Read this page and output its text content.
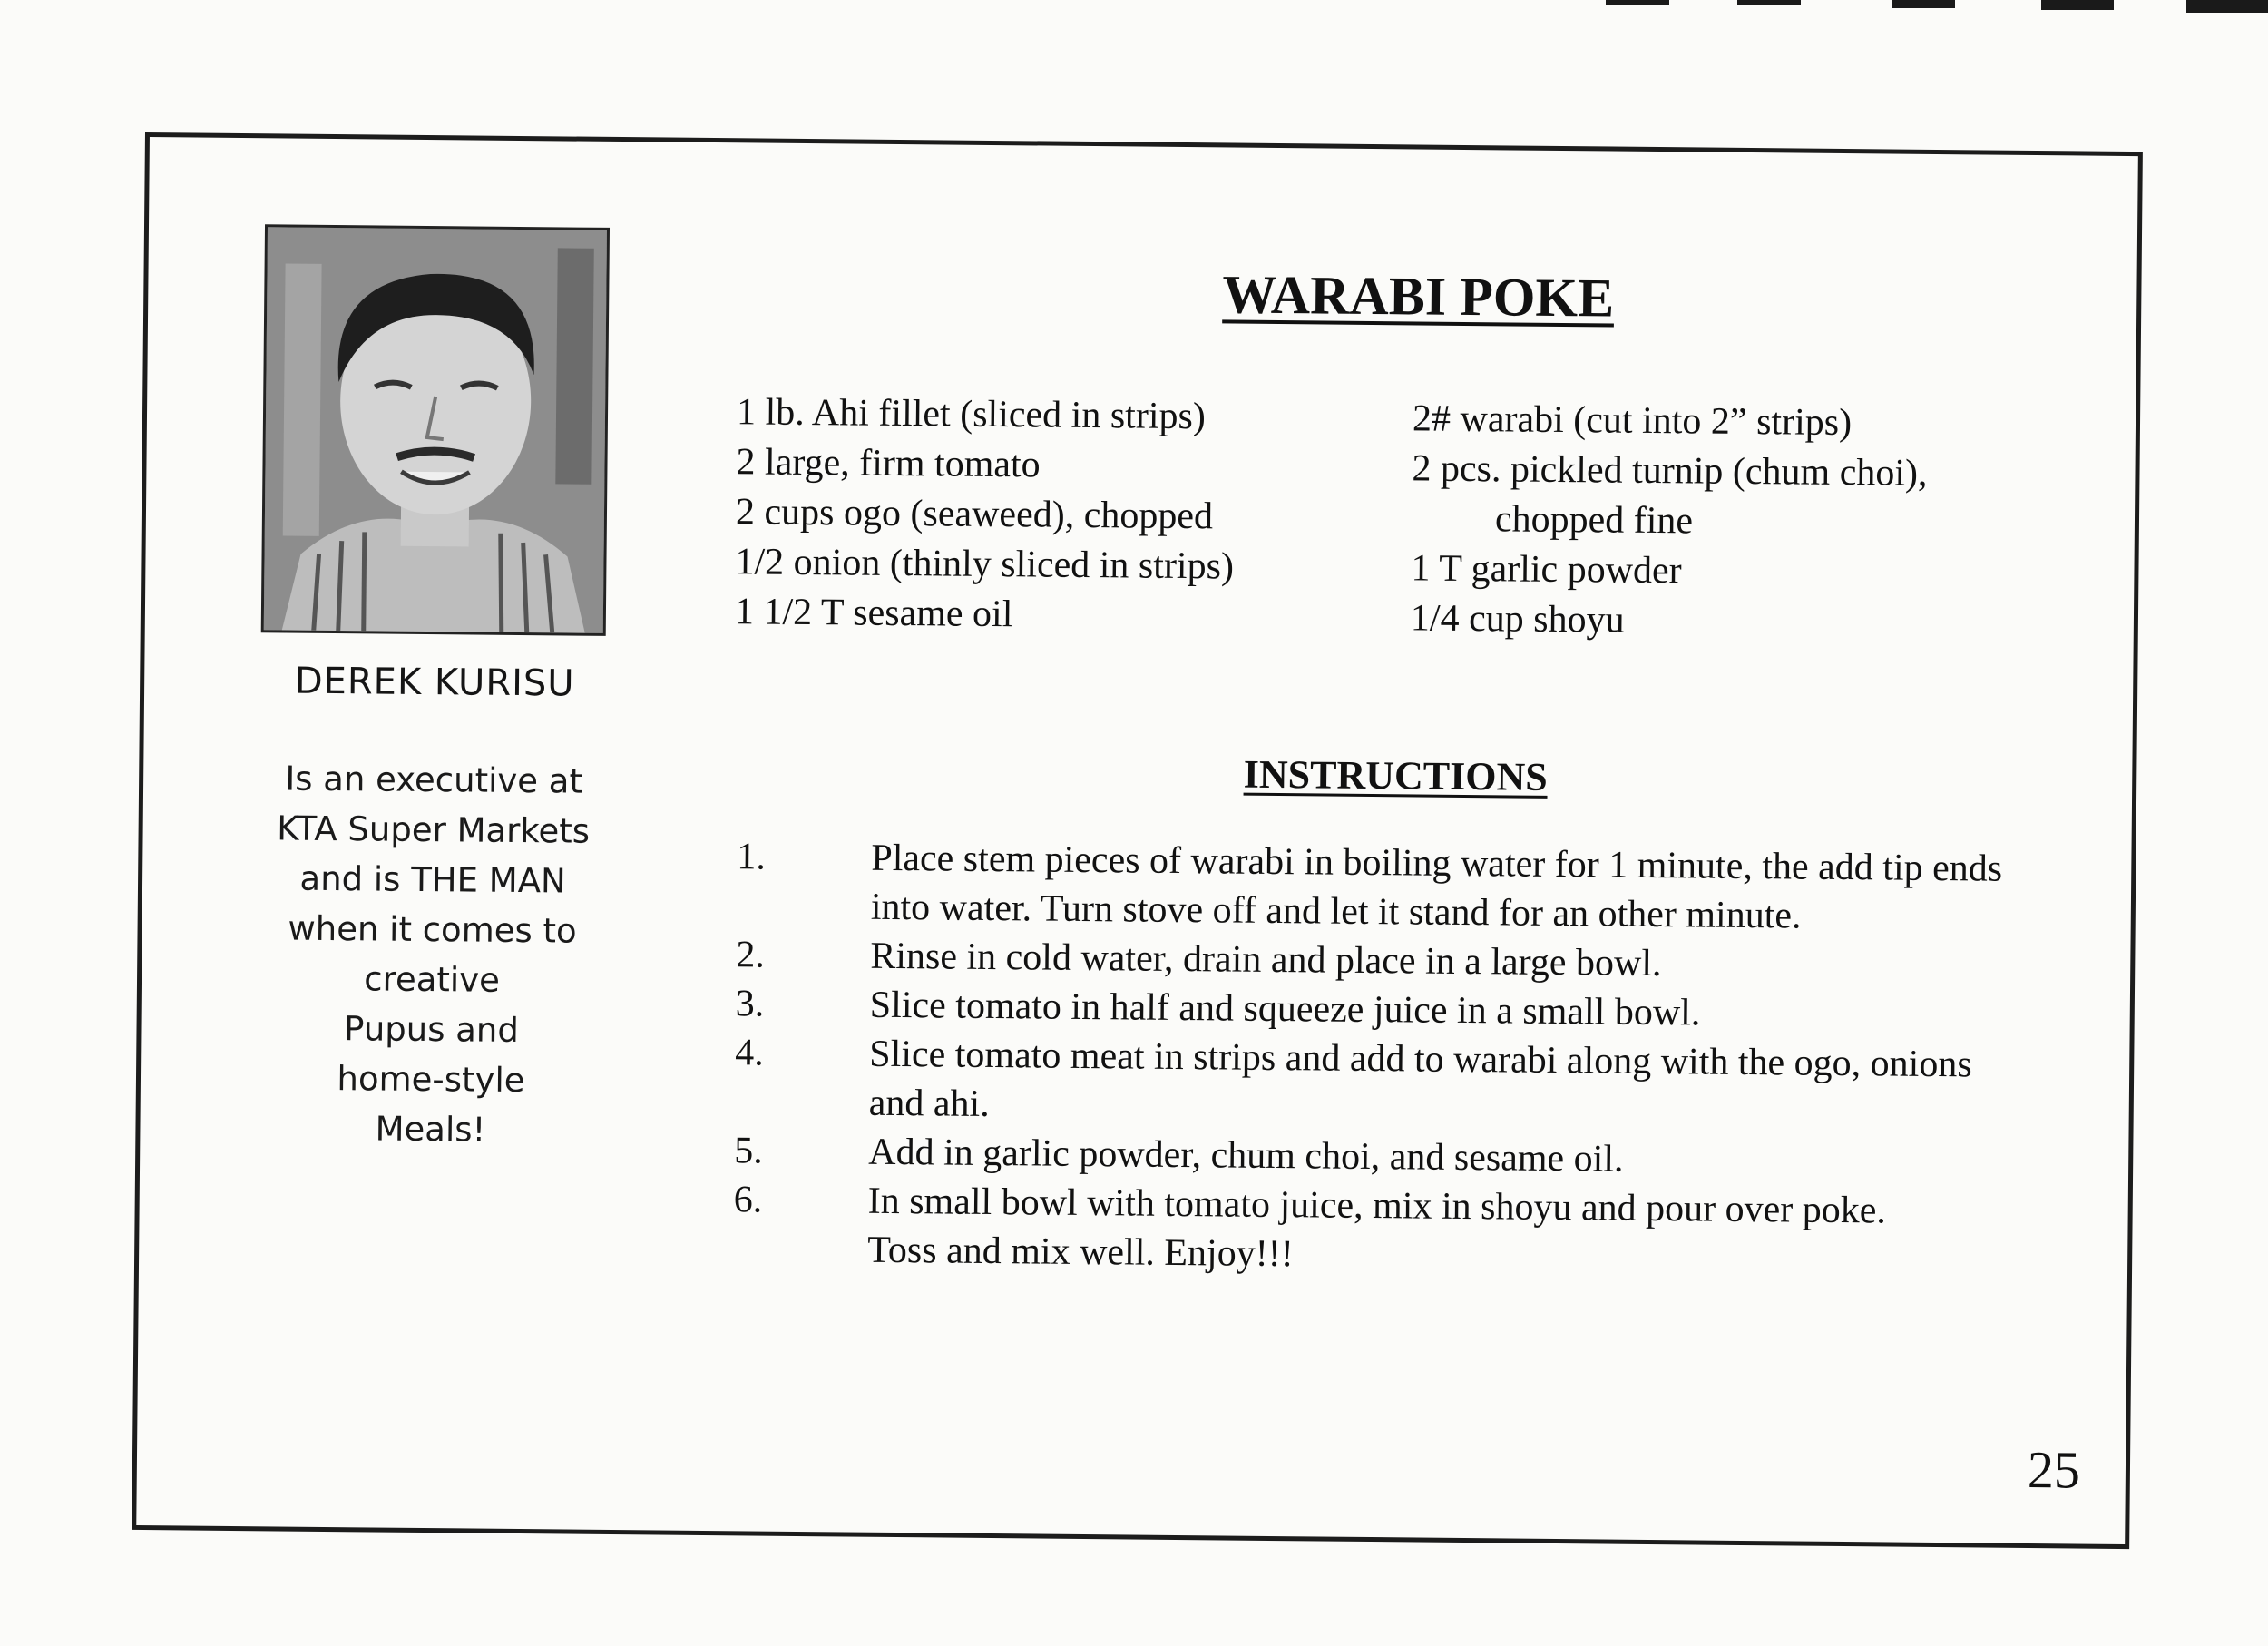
DEREK KURISU
Is an executive at
KTA Super Markets
and is THE MAN
when it comes to
creative
Pupus and
home-style
Meals!
WARABI POKE
1 lb. Ahi fillet (sliced in strips)
2 large, firm tomato
2 cups ogo (seaweed), chopped
1/2 onion (thinly sliced in strips)
1 1/2 T sesame oil
2# warabi (cut into 2” strips)
2 pcs. pickled turnip (chum choi),
chopped fine
1 T garlic powder
1/4 cup shoyu
INSTRUCTIONS
1.	Place stem pieces of warabi in boiling water for 1 minute, the add tip ends into water. Turn stove off and let it stand for an other minute.
2.	Rinse in cold water, drain and place in a large bowl.
3.	Slice tomato in half and squeeze juice in a small bowl.
4.	Slice tomato meat in strips and add to warabi along with the ogo, onions and ahi.
5.	Add in garlic powder, chum choi, and sesame oil.
6.	In small bowl with tomato juice, mix in shoyu and pour over poke.
Toss and mix well. Enjoy!!!
25
